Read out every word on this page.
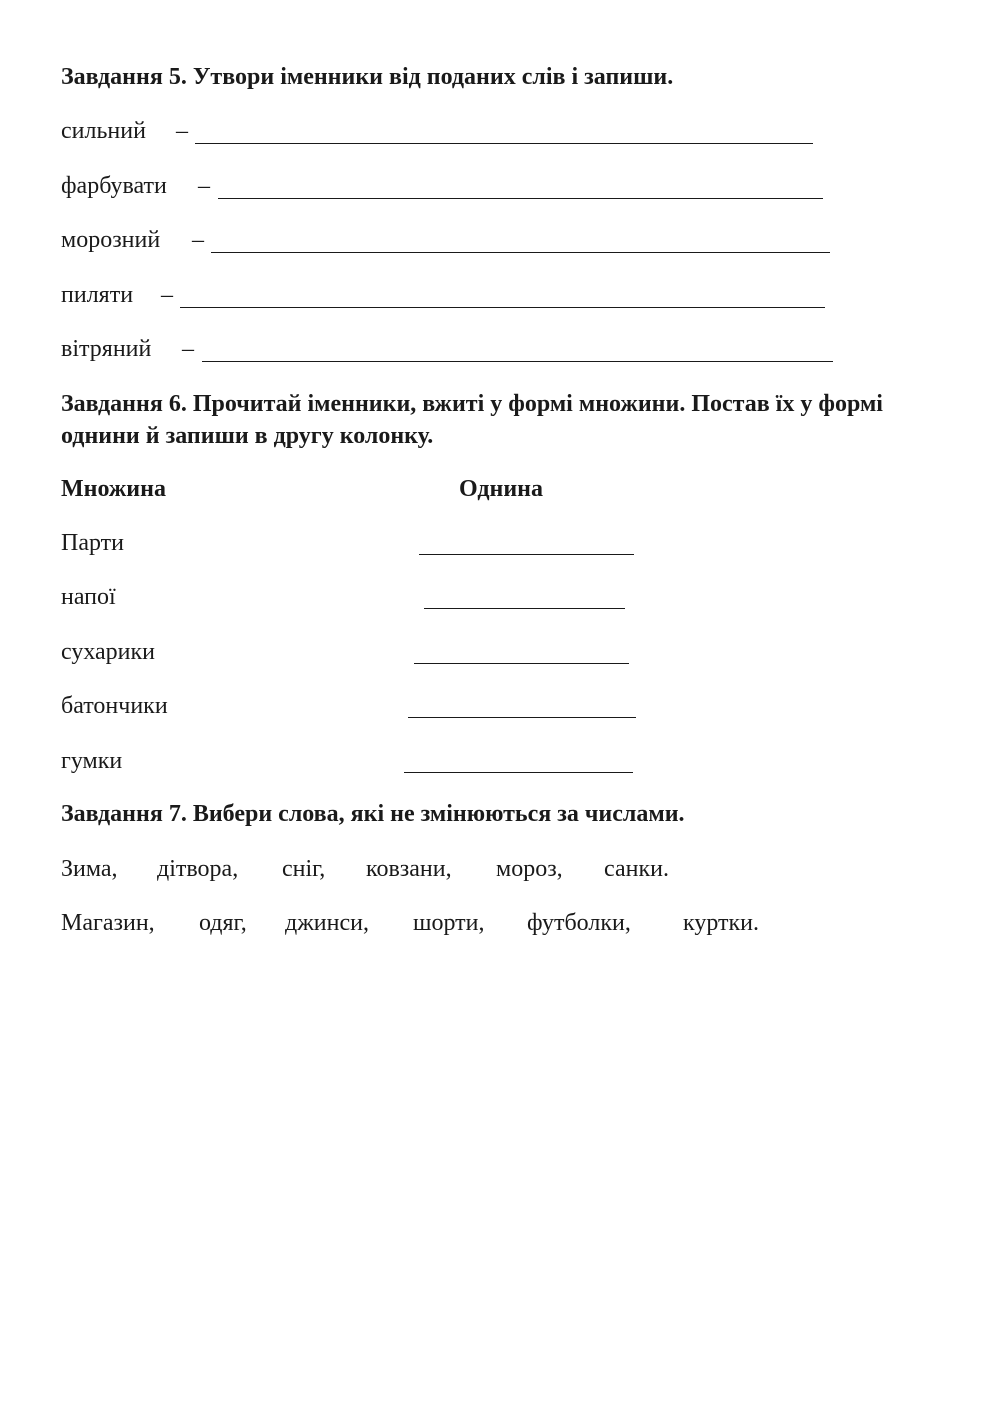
Завдання 5. Утвори іменники від поданих слів і запиши.

сильний –
фарбувати –
морозний –
пиляти –
вітряний –

Завдання 6. Прочитай іменники, вжиті у формі множини. Постав їх у формі однини й запиши в другу колонку.

Множина	Однина
Парти
напої
сухарики
батончики
гумки

Завдання 7. Вибери слова, які не змінюються за числами.

Зима, дітвора, сніг, ковзани, мороз, санки.
Магазин, одяг, джинси, шорти, футболки, куртки.
